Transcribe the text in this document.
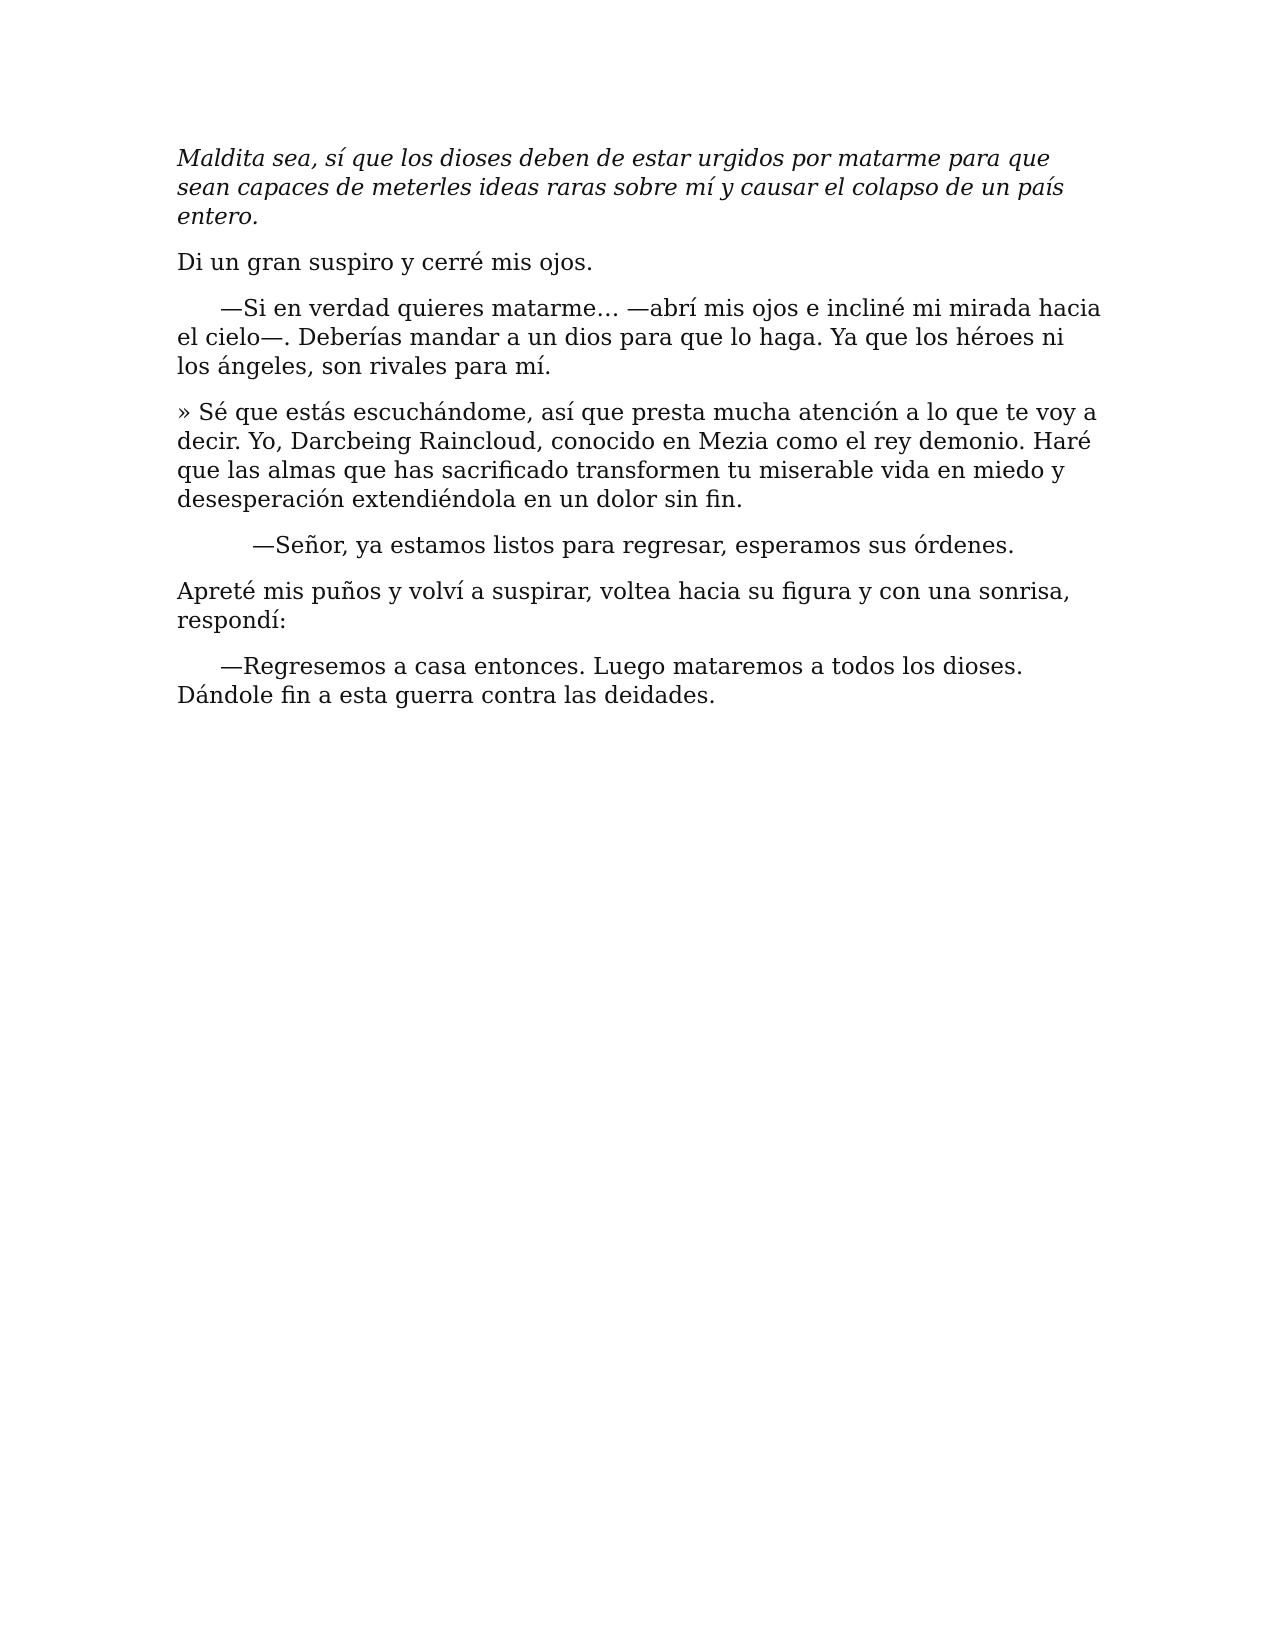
Maldita sea, sí que los dioses deben de estar urgidos por matarme para que sean capaces de meterles ideas raras sobre mí y causar el colapso de un país entero.

Di un gran suspiro y cerré mis ojos.

—Si en verdad quieres matarme… —abrí mis ojos e incliné mi mirada hacia el cielo—. Deberías mandar a un dios para que lo haga. Ya que los héroes ni los ángeles, son rivales para mí.

» Sé que estás escuchándome, así que presta mucha atención a lo que te voy a decir. Yo, Darcbeing Raincloud, conocido en Mezia como el rey demonio. Haré que las almas que has sacrificado transformen tu miserable vida en miedo y desesperación extendiéndola en un dolor sin fin.

—Señor, ya estamos listos para regresar, esperamos sus órdenes.

Apreté mis puños y volví a suspirar, voltea hacia su figura y con una sonrisa, respondí:

—Regresemos a casa entonces. Luego mataremos a todos los dioses. Dándole fin a esta guerra contra las deidades.
